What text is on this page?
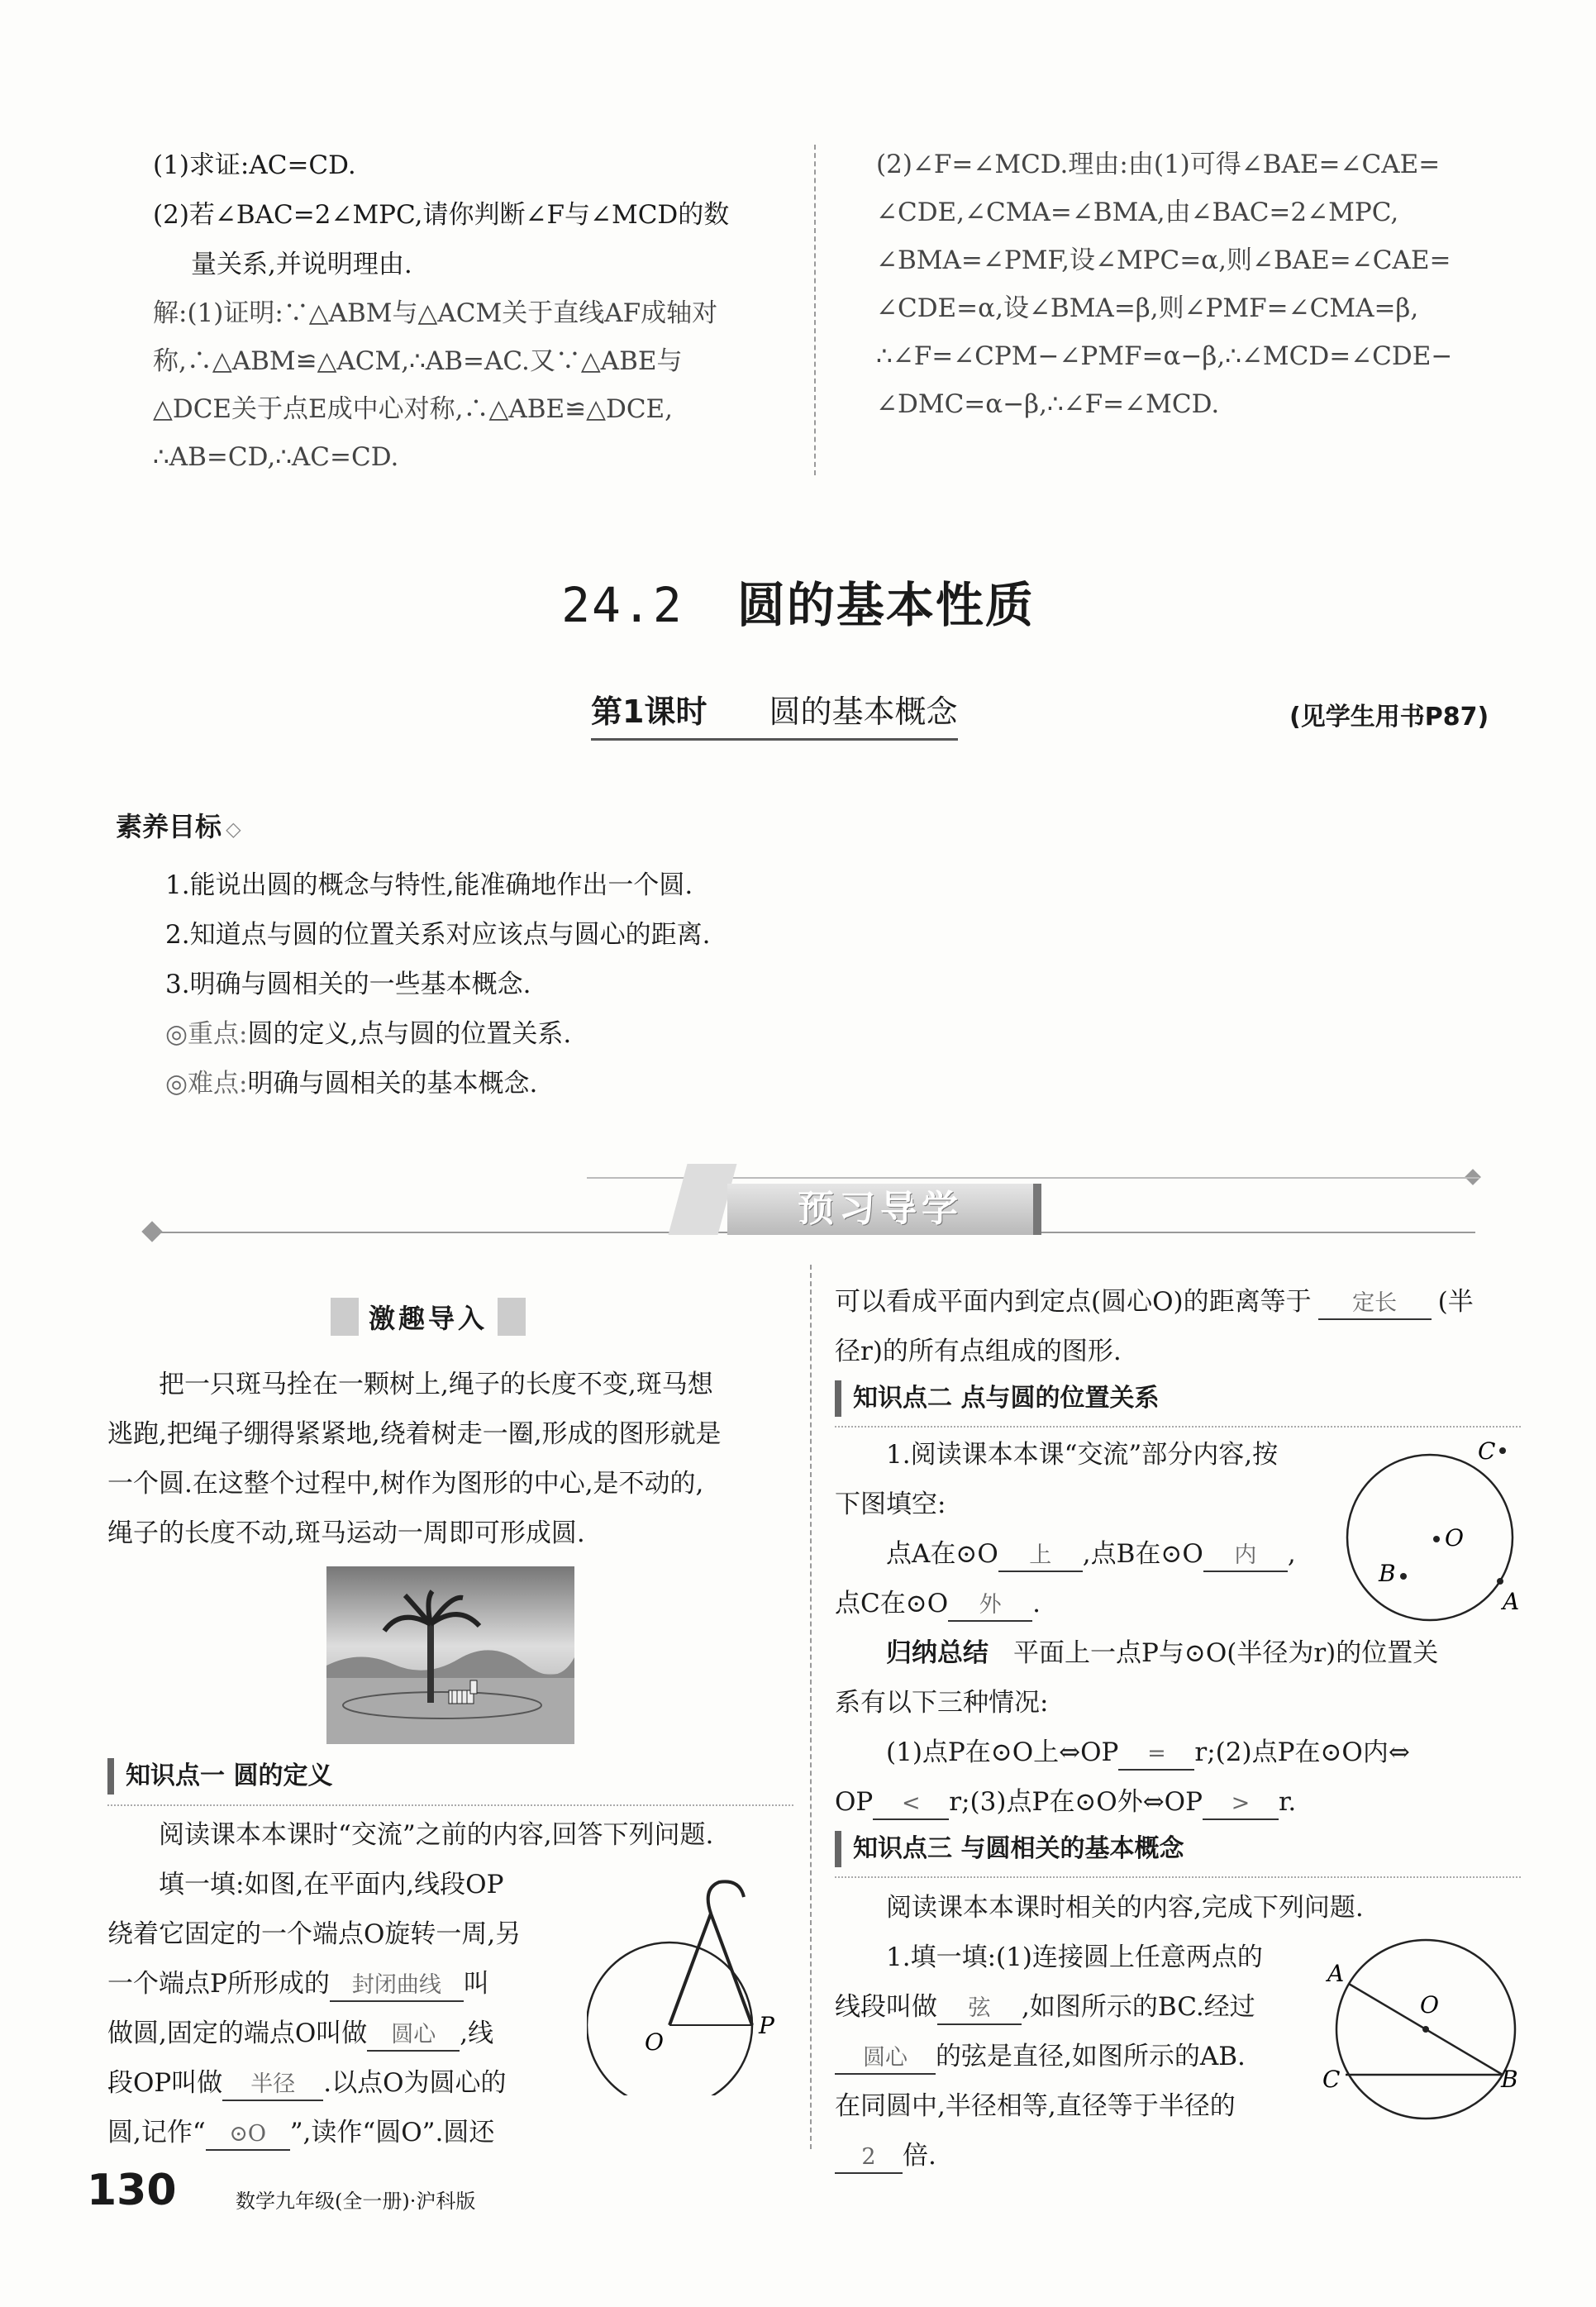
(1)求证:AC=CD.
(2)若∠BAC=2∠MPC,请你判断∠F与∠MCD的数
量关系,并说明理由.
解:(1)证明:∵△ABM与△ACM关于直线AF成轴对
称,∴△ABM≌△ACM,∴AB=AC.又∵△ABE与
△DCE关于点E成中心对称,∴△ABE≌△DCE,
∴AB=CD,∴AC=CD.
(2)∠F=∠MCD.理由:由(1)可得∠BAE=∠CAE=
∠CDE,∠CMA=∠BMA,由∠BAC=2∠MPC,
∠BMA=∠PMF,设∠MPC=α,则∠BAE=∠CAE=
∠CDE=α,设∠BMA=β,则∠PMF=∠CMA=β,
∴∠F=∠CPM−∠PMF=α−β,∴∠MCD=∠CDE−
∠DMC=α−β,∴∠F=∠MCD.
24.2 圆的基本性质
第1课时 圆的基本概念	(见学生用书P87)
素养目标 ◇
1.能说出圆的概念与特性,能准确地作出一个圆.
2.知道点与圆的位置关系对应该点与圆心的距离.
3.明确与圆相关的一些基本概念.
◎重点:圆的定义,点与圆的位置关系.
◎难点:明确与圆相关的基本概念.
预习导学
激趣导入
把一只斑马拴在一颗树上,绳子的长度不变,斑马想
逃跑,把绳子绷得紧紧地,绕着树走一圈,形成的图形就是
一个圆.在这整个过程中,树作为图形的中心,是不动的,
绳子的长度不动,斑马运动一周即可形成圆.
知识点一 圆的定义
阅读课本本课时“交流”之前的内容,回答下列问题.
填一填:如图,在平面内,线段OP
绕着它固定的一个端点O旋转一周,另
一个端点P所形成的 封闭曲线 叫
做圆,固定的端点O叫做 圆心 ,线
段OP叫做 半径 .以点O为圆心的
圆,记作“ ⊙O ”,读作“圆O”.圆还
O
P
可以看成平面内到定点(圆心O)的距离等于 定长 (半
径r)的所有点组成的图形.
知识点二 点与圆的位置关系
1.阅读课本本课“交流”部分内容,按
下图填空:
点A在⊙O 上 ,点B在⊙O 内 ,
点C在⊙O 外 .
归纳总结 平面上一点P与⊙O(半径为r)的位置关
系有以下三种情况:
(1)点P在⊙O上⇔OP = r;(2)点P在⊙O内⇔
OP < r;(3)点P在⊙O外⇔OP > r.
C
O
B
A
知识点三 与圆相关的基本概念
阅读课本本课时相关的内容,完成下列问题.
1.填一填:(1)连接圆上任意两点的
线段叫做 弦 ,如图所示的BC.经过
圆心 的弦是直径,如图所示的AB.
在同圆中,半径相等,直径等于半径的
2 倍.
A
O
C	B
130	数学九年级(全一册)·沪科版
